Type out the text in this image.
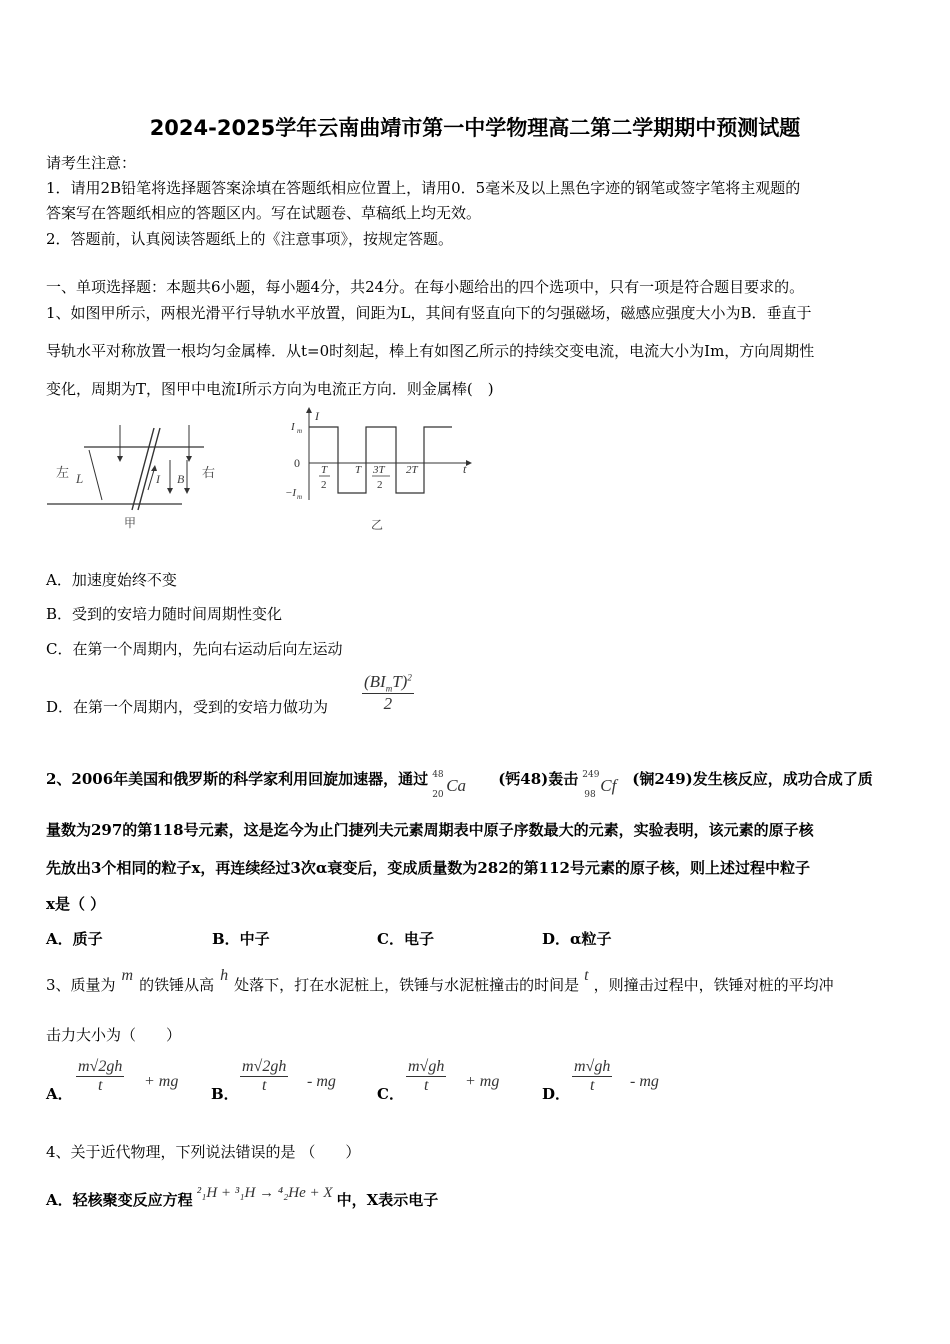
2024-2025学年云南曲靖市第一中学物理高二第二学期期中预测试题
请考生注意：
1．请用2B铅笔将选择题答案涂填在答题纸相应位置上，请用0．5毫米及以上黑色字迹的钢笔或签字笔将主观题的
答案写在答题纸相应的答题区内。写在试题卷、草稿纸上均无效。
2．答题前，认真阅读答题纸上的《注意事项》，按规定答题。
一、单项选择题：本题共6小题，每小题4分，共24分。在每小题给出的四个选项中，只有一项是符合题目要求的。
1、如图甲所示，两根光滑平行导轨水平放置，间距为L，其间有竖直向下的匀强磁场，磁感应强度大小为B．垂直于
导轨水平对称放置一根均匀金属棒．从t=0时刻起，棒上有如图乙所示的持续交变电流，电流大小为Im，方向周期性
变化，周期为T，图甲中电流I所示方向为电流正方向．则金属棒(　)
左	右
L	I B
甲
I
I m
0
−I m
t
T
2
T 3T
2
2T
乙
A．加速度始终不变
B．受到的安培力随时间周期性变化
C．在第一个周期内，先向右运动后向左运动
D．在第一个周期内，受到的安培力做功为
$(BI_mT)^2$
2
2、2006年美国和俄罗斯的科学家利用回旋加速器，通过 48
20 Ca (钙48)轰击 249
98 Cf (锎249)发生核反应，成功合成了质
量数为297的第118号元素，这是迄今为止门捷列夫元素周期表中原子序数最大的元素，实验表明，该元素的原子核
先放出3个相同的粒子x，再连续经过3次α衰变后，变成质量数为282的第112号元素的原子核，则上述过程中粒子
x是（ ）
A．质子	B．中子	C．电子	D．α粒子
3、质量为m的铁锤从高h处落下，打在水泥桩上，铁锤与水泥桩撞击的时间是t，则撞击过程中，铁锤对桩的平均冲
击力大小为（　　）
A． $\frac{m√2gh}{t}$ + mg
B． $\frac{m√2gh}{t}$ - mg
C． $\frac{m√gh}{t}$ + mg
D． $\frac{m√gh}{t}$ - mg
4、关于近代物理，下列说法错误的是 （　　）
A．轻核聚变反应方程 ²₁H + ³₁H → ⁴₂He + X 中，X表示电子
